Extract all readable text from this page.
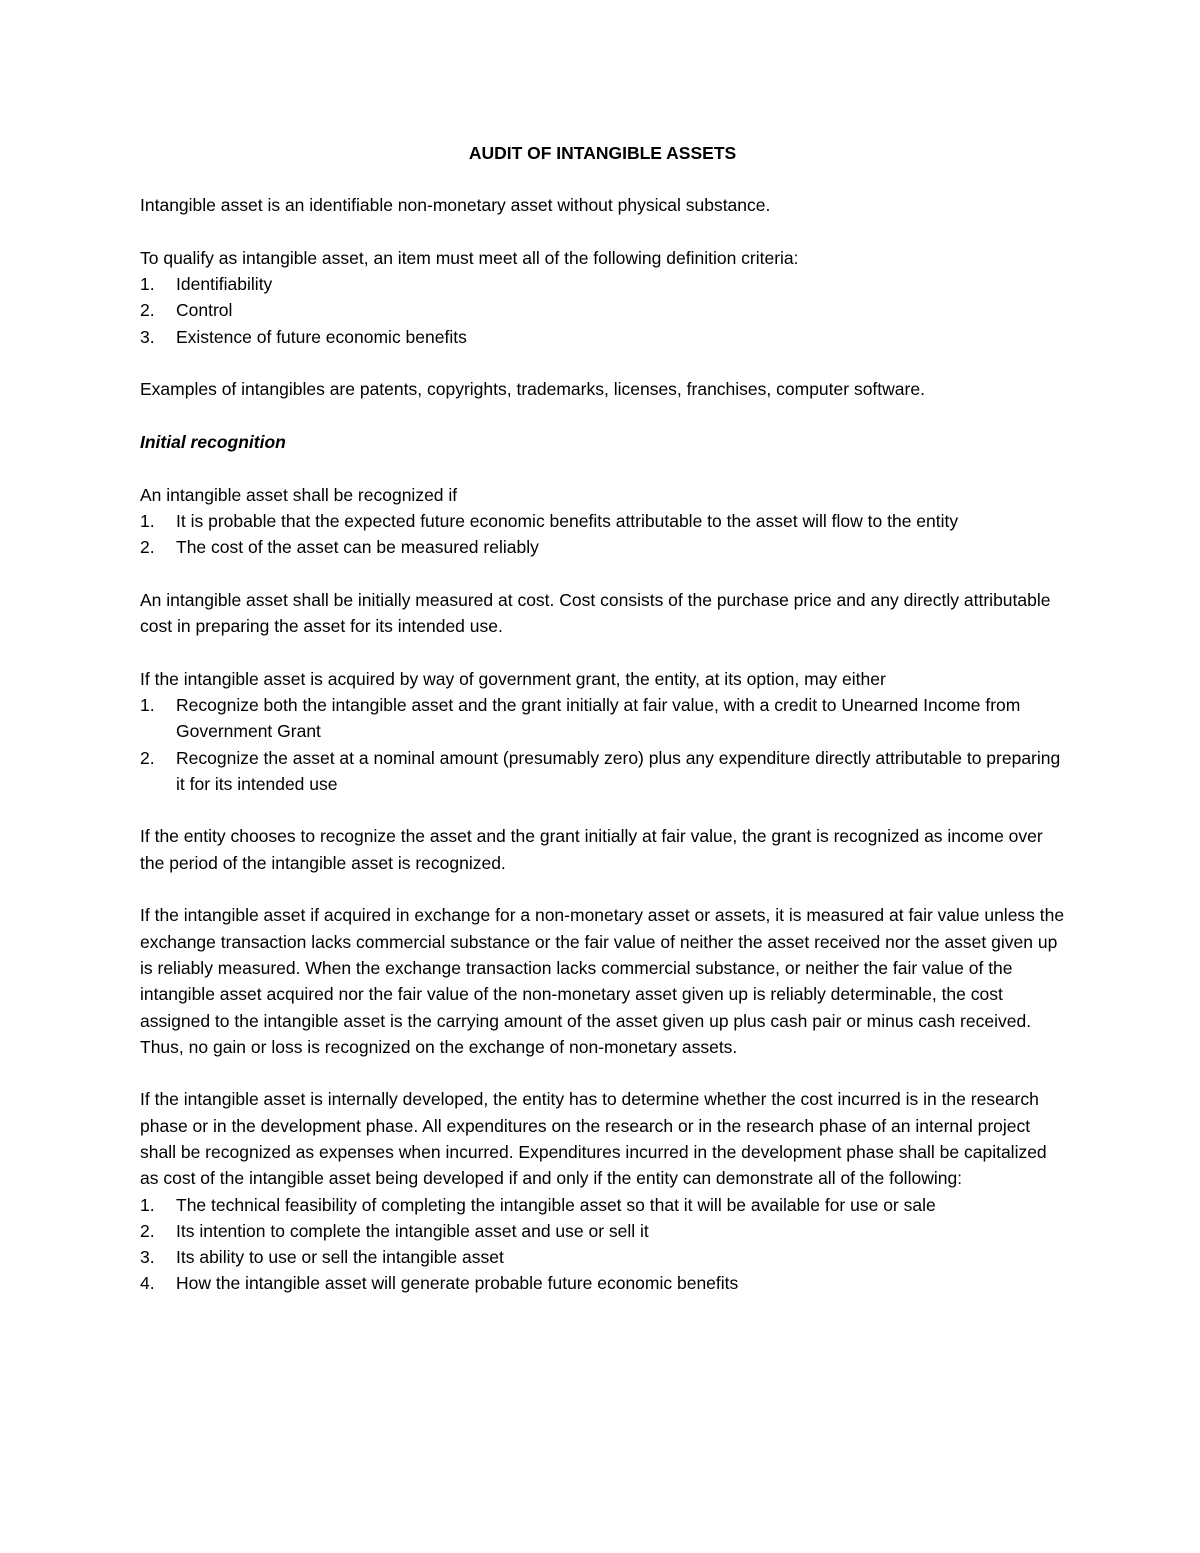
AUDIT OF INTANGIBLE ASSETS

Intangible asset is an identifiable non-monetary asset without physical substance.

To qualify as intangible asset, an item must meet all of the following definition criteria:

1. Identifiability
2. Control
3. Existence of future economic benefits

Examples of intangibles are patents, copyrights, trademarks, licenses, franchises, computer software.

Initial recognition

An intangible asset shall be recognized if

1. It is probable that the expected future economic benefits attributable to the asset will flow to the entity
2. The cost of the asset can be measured reliably

An intangible asset shall be initially measured at cost. Cost consists of the purchase price and any directly attributable cost in preparing the asset for its intended use.

If the intangible asset is acquired by way of government grant, the entity, at its option, may either

1. Recognize both the intangible asset and the grant initially at fair value, with a credit to Unearned Income from Government Grant
2. Recognize the asset at a nominal amount (presumably zero) plus any expenditure directly attributable to preparing it for its intended use

If the entity chooses to recognize the asset and the grant initially at fair value, the grant is recognized as income over the period of the intangible asset is recognized.

If the intangible asset if acquired in exchange for a non-monetary asset or assets, it is measured at fair value unless the exchange transaction lacks commercial substance or the fair value of neither the asset received nor the asset given up is reliably measured. When the exchange transaction lacks commercial substance, or neither the fair value of the intangible asset acquired nor the fair value of the non-monetary asset given up is reliably determinable, the cost assigned to the intangible asset is the carrying amount of the asset given up plus cash pair or minus cash received. Thus, no gain or loss is recognized on the exchange of non-monetary assets.

If the intangible asset is internally developed, the entity has to determine whether the cost incurred is in the research phase or in the development phase. All expenditures on the research or in the research phase of an internal project shall be recognized as expenses when incurred. Expenditures incurred in the development phase shall be capitalized as cost of the intangible asset being developed if and only if the entity can demonstrate all of the following:

1. The technical feasibility of completing the intangible asset so that it will be available for use or sale
2. Its intention to complete the intangible asset and use or sell it
3. Its ability to use or sell the intangible asset
4. How the intangible asset will generate probable future economic benefits
